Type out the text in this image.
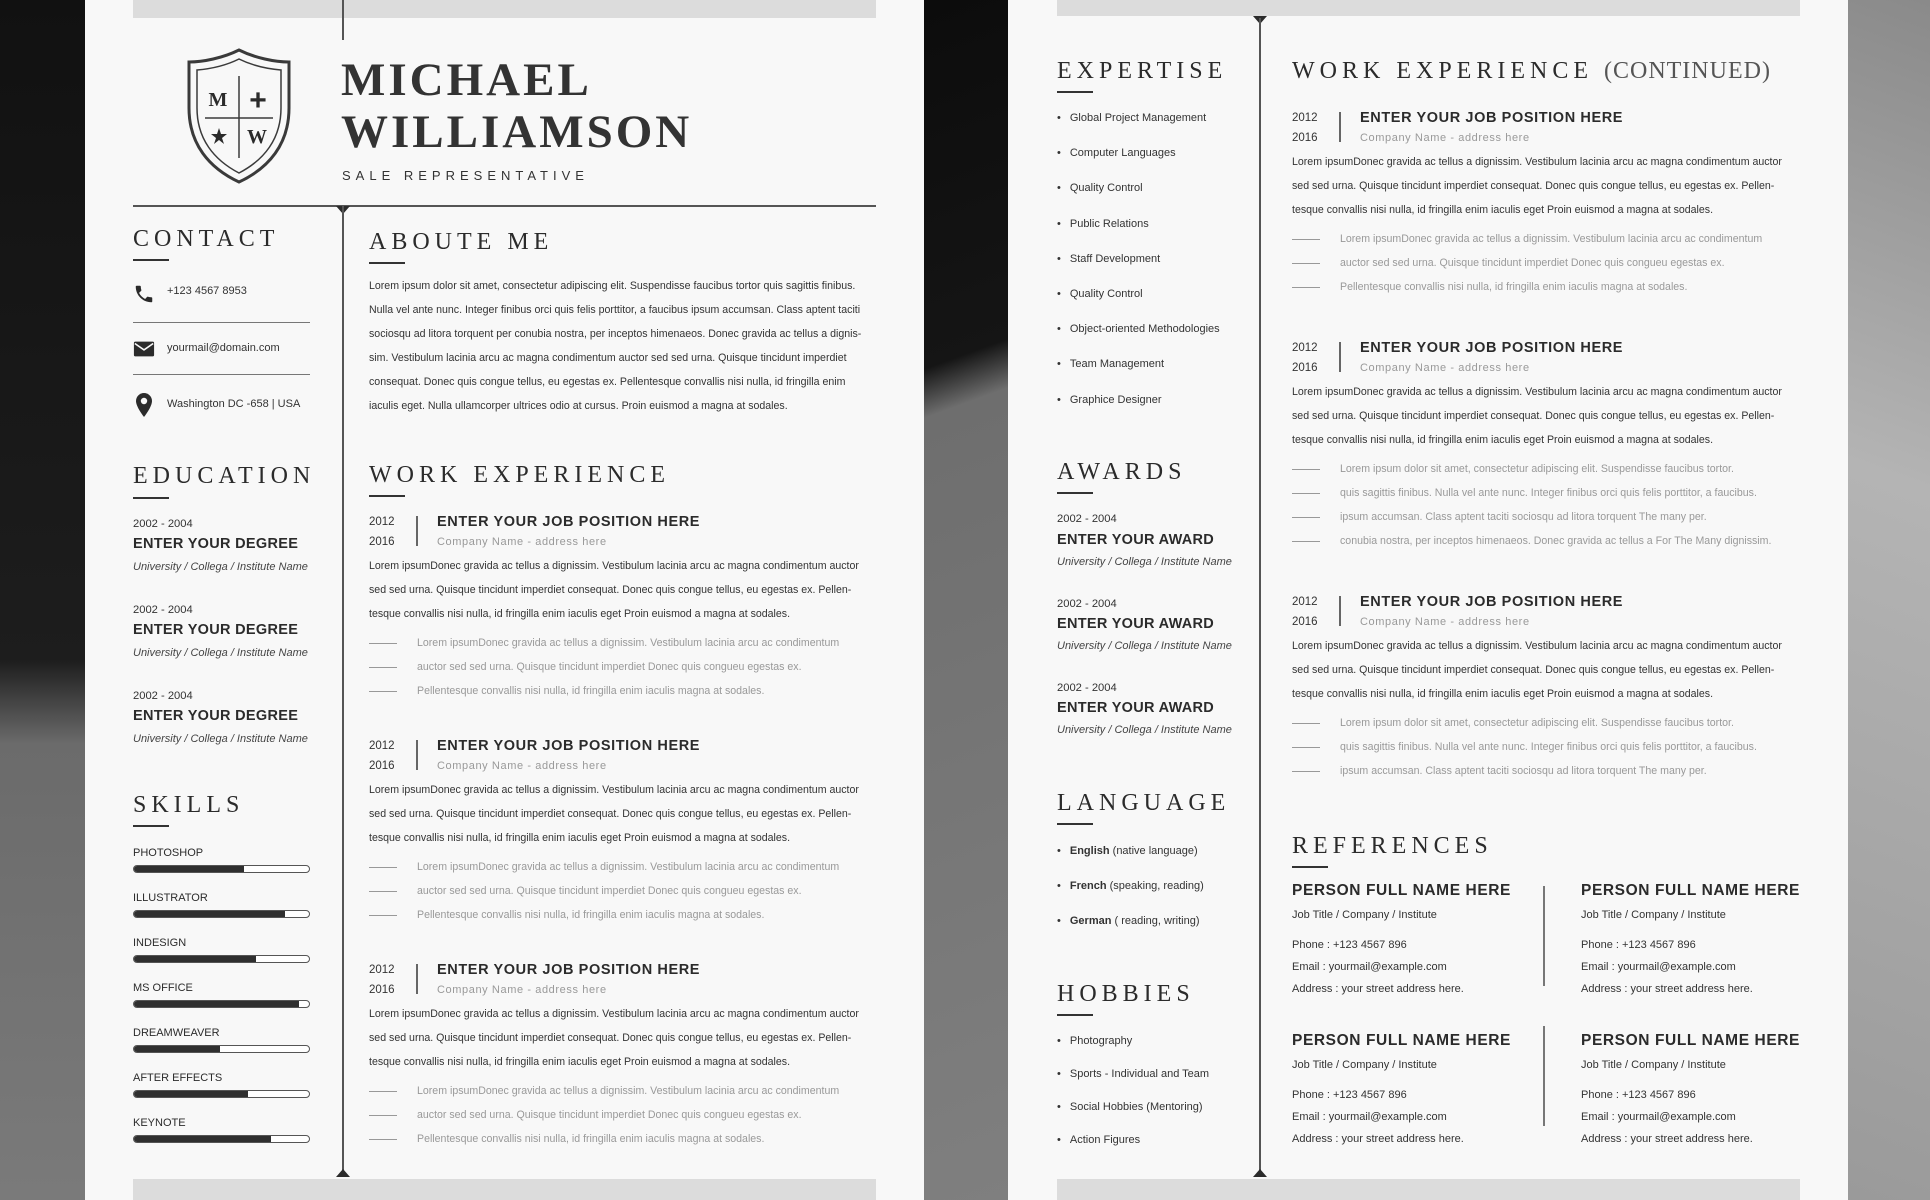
M +
W
MICHAEL
WILLIAMSON
SALE REPRESENTATIVE
CONTACT
+123 4567 8953
yourmail@domain.com
Washington DC -658 | USA
EDUCATION
2002 - 2004
ENTER YOUR DEGREE
University / Collega / Institute Name
2002 - 2004
ENTER YOUR DEGREE
University / Collega / Institute Name
2002 - 2004
ENTER YOUR DEGREE
University / Collega / Institute Name
SKILLS
PHOTOSHOP
ILLUSTRATOR
INDESIGN
MS OFFICE
DREAMWEAVER
AFTER EFFECTS
KEYNOTE
ABOUTE ME
Lorem ipsum dolor sit amet, consectetur adipiscing elit. Suspendisse faucibus tortor quis sagittis finibus.
Nulla vel ante nunc. Integer finibus orci quis felis porttitor, a faucibus ipsum accumsan. Class aptent taciti
sociosqu ad litora torquent per conubia nostra, per inceptos himenaeos. Donec gravida ac tellus a dignis-
sim. Vestibulum lacinia arcu ac magna condimentum auctor sed sed urna. Quisque tincidunt imperdiet
consequat. Donec quis congue tellus, eu egestas ex. Pellentesque convallis nisi nulla, id fringilla enim
iaculis eget. Nulla ullamcorper ultrices odio at cursus. Proin euismod a magna at sodales.
WORK EXPERIENCE
2012
2016
ENTER YOUR JOB POSITION HERE
Company Name - address here
Lorem ipsumDonec gravida ac tellus a dignissim. Vestibulum lacinia arcu ac magna condimentum auctor
sed sed urna. Quisque tincidunt imperdiet consequat. Donec quis congue tellus, eu egestas ex. Pellen-
tesque convallis nisi nulla, id fringilla enim iaculis eget Proin euismod a magna at sodales.
Lorem ipsumDonec gravida ac tellus a dignissim. Vestibulum lacinia arcu ac condimentum
auctor sed sed urna. Quisque tincidunt imperdiet Donec quis congueu egestas ex.
Pellentesque convallis nisi nulla, id fringilla enim iaculis magna at sodales.
2012
2016
ENTER YOUR JOB POSITION HERE
Company Name - address here
Lorem ipsumDonec gravida ac tellus a dignissim. Vestibulum lacinia arcu ac magna condimentum auctor
sed sed urna. Quisque tincidunt imperdiet consequat. Donec quis congue tellus, eu egestas ex. Pellen-
tesque convallis nisi nulla, id fringilla enim iaculis eget Proin euismod a magna at sodales.
Lorem ipsumDonec gravida ac tellus a dignissim. Vestibulum lacinia arcu ac condimentum
auctor sed sed urna. Quisque tincidunt imperdiet Donec quis congueu egestas ex.
Pellentesque convallis nisi nulla, id fringilla enim iaculis magna at sodales.
2012
2016
ENTER YOUR JOB POSITION HERE
Company Name - address here
Lorem ipsumDonec gravida ac tellus a dignissim. Vestibulum lacinia arcu ac magna condimentum auctor
sed sed urna. Quisque tincidunt imperdiet consequat. Donec quis congue tellus, eu egestas ex. Pellen-
tesque convallis nisi nulla, id fringilla enim iaculis eget Proin euismod a magna at sodales.
Lorem ipsumDonec gravida ac tellus a dignissim. Vestibulum lacinia arcu ac condimentum
auctor sed sed urna. Quisque tincidunt imperdiet Donec quis congueu egestas ex.
Pellentesque convallis nisi nulla, id fringilla enim iaculis magna at sodales.
EXPERTISE
• Global Project Management
• Computer Languages
• Quality Control
• Public Relations
• Staff Development
• Quality Control
• Object-oriented Methodologies
• Team Management
• Graphice Designer
AWARDS
2002 - 2004
ENTER YOUR AWARD
University / Collega / Institute Name
2002 - 2004
ENTER YOUR AWARD
University / Collega / Institute Name
2002 - 2004
ENTER YOUR AWARD
University / Collega / Institute Name
LANGUAGE
• English (native language)
• French (speaking, reading)
• German ( reading, writing)
HOBBIES
• Photography
• Sports - Individual and Team
• Social Hobbies (Mentoring)
• Action Figures
WORK EXPERIENCE (CONTINUED)
2012
2016
ENTER YOUR JOB POSITION HERE
Company Name - address here
Lorem ipsumDonec gravida ac tellus a dignissim. Vestibulum lacinia arcu ac magna condimentum auctor
sed sed urna. Quisque tincidunt imperdiet consequat. Donec quis congue tellus, eu egestas ex. Pellen-
tesque convallis nisi nulla, id fringilla enim iaculis eget Proin euismod a magna at sodales.
Lorem ipsumDonec gravida ac tellus a dignissim. Vestibulum lacinia arcu ac condimentum
auctor sed sed urna. Quisque tincidunt imperdiet Donec quis congueu egestas ex.
Pellentesque convallis nisi nulla, id fringilla enim iaculis magna at sodales.
2012
2016
ENTER YOUR JOB POSITION HERE
Company Name - address here
Lorem ipsumDonec gravida ac tellus a dignissim. Vestibulum lacinia arcu ac magna condimentum auctor
sed sed urna. Quisque tincidunt imperdiet consequat. Donec quis congue tellus, eu egestas ex. Pellen-
tesque convallis nisi nulla, id fringilla enim iaculis eget Proin euismod a magna at sodales.
Lorem ipsum dolor sit amet, consectetur adipiscing elit. Suspendisse faucibus tortor.
quis sagittis finibus. Nulla vel ante nunc. Integer finibus orci quis felis porttitor, a faucibus.
ipsum accumsan. Class aptent taciti sociosqu ad litora torquent The many per.
conubia nostra, per inceptos himenaeos. Donec gravida ac tellus a For The Many dignissim.
2012
2016
ENTER YOUR JOB POSITION HERE
Company Name - address here
Lorem ipsumDonec gravida ac tellus a dignissim. Vestibulum lacinia arcu ac magna condimentum auctor
sed sed urna. Quisque tincidunt imperdiet consequat. Donec quis congue tellus, eu egestas ex. Pellen-
tesque convallis nisi nulla, id fringilla enim iaculis eget Proin euismod a magna at sodales.
Lorem ipsum dolor sit amet, consectetur adipiscing elit. Suspendisse faucibus tortor.
quis sagittis finibus. Nulla vel ante nunc. Integer finibus orci quis felis porttitor, a faucibus.
ipsum accumsan. Class aptent taciti sociosqu ad litora torquent The many per.
REFERENCES
PERSON FULL NAME HERE
Job Title / Company / Institute
Phone : +123 4567 896
Email : yourmail@example.com
Address : your street address here.
PERSON FULL NAME HERE
Job Title / Company / Institute
Phone : +123 4567 896
Email : yourmail@example.com
Address : your street address here.
PERSON FULL NAME HERE
Job Title / Company / Institute
Phone : +123 4567 896
Email : yourmail@example.com
Address : your street address here.
PERSON FULL NAME HERE
Job Title / Company / Institute
Phone : +123 4567 896
Email : yourmail@example.com
Address : your street address here.
